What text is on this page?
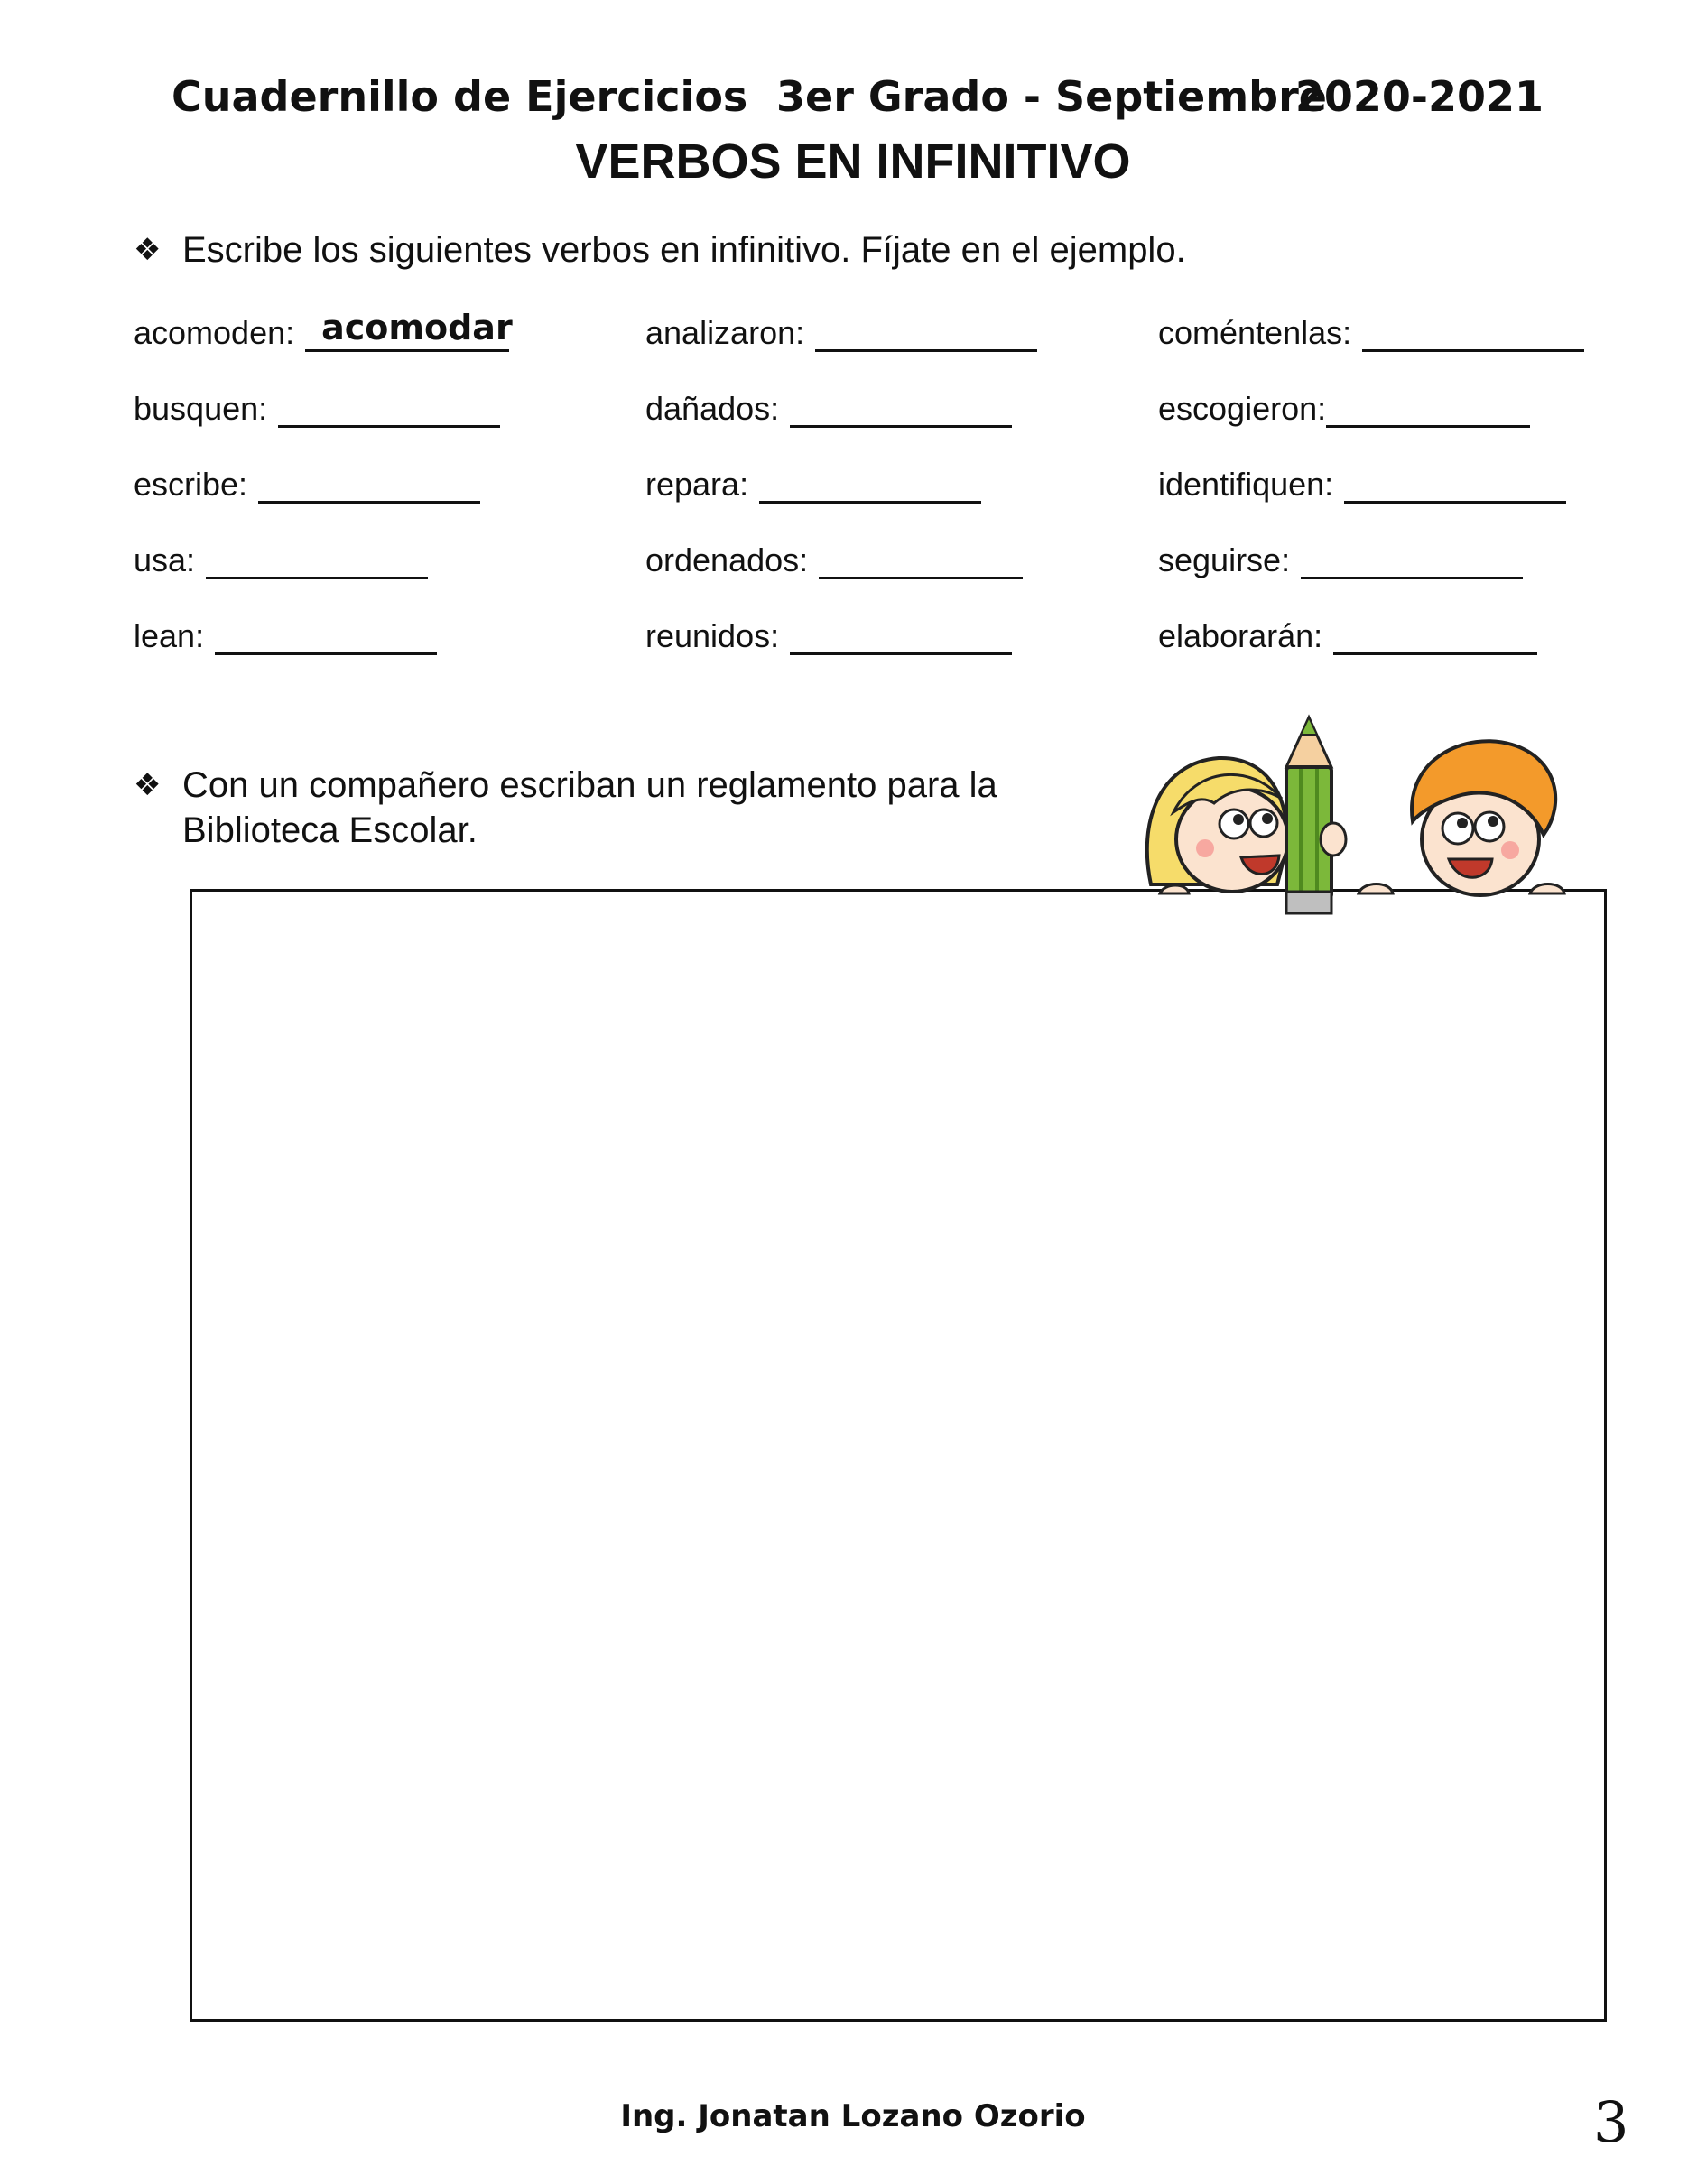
Cuadernillo de Ejercicios 3er Grado - Septiembre
2020-2021
VERBOS EN INFINITIVO
❖ Escribe los siguientes verbos en infinitivo. Fíjate en el ejemplo.
acomoden: acomodar	analizaron:	coméntenlas:
busquen:	dañados:	escogieron:
escribe:	repara:	identifiquen:
usa:	ordenados:	seguirse:
lean:	reunidos:	elaborarán:
❖ Con un compañero escriban un reglamento para la Biblioteca Escolar.
Ing. Jonatan Lozano Ozorio	3
